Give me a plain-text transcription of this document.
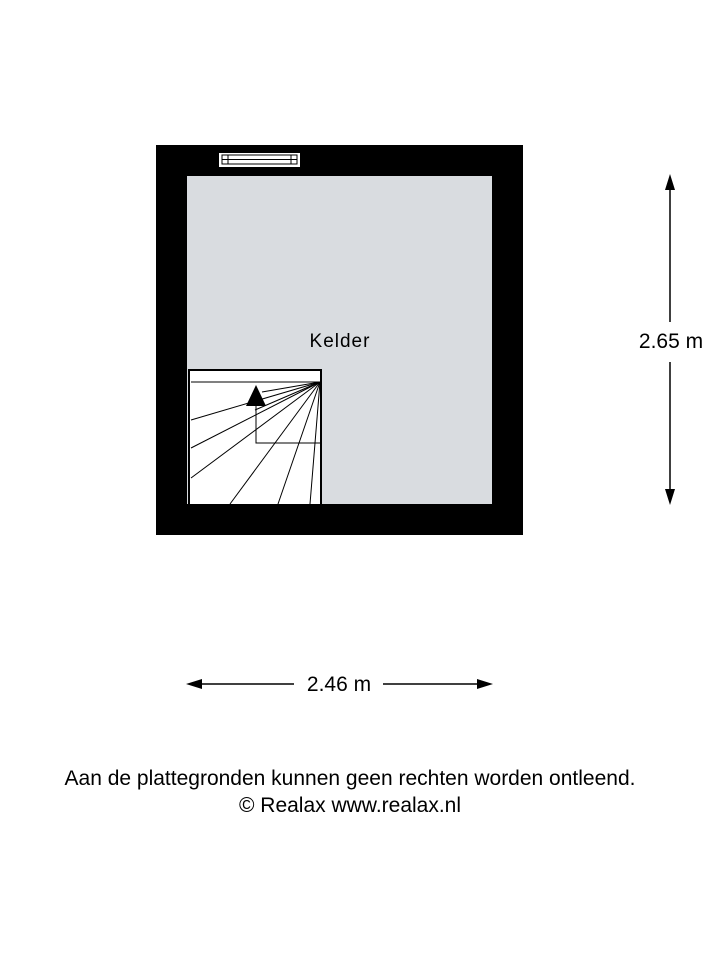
Kelder	2.65 m
2.46 m
Aan de plattegronden kunnen geen rechten worden ontleend.
© Realax www.realax.nl
